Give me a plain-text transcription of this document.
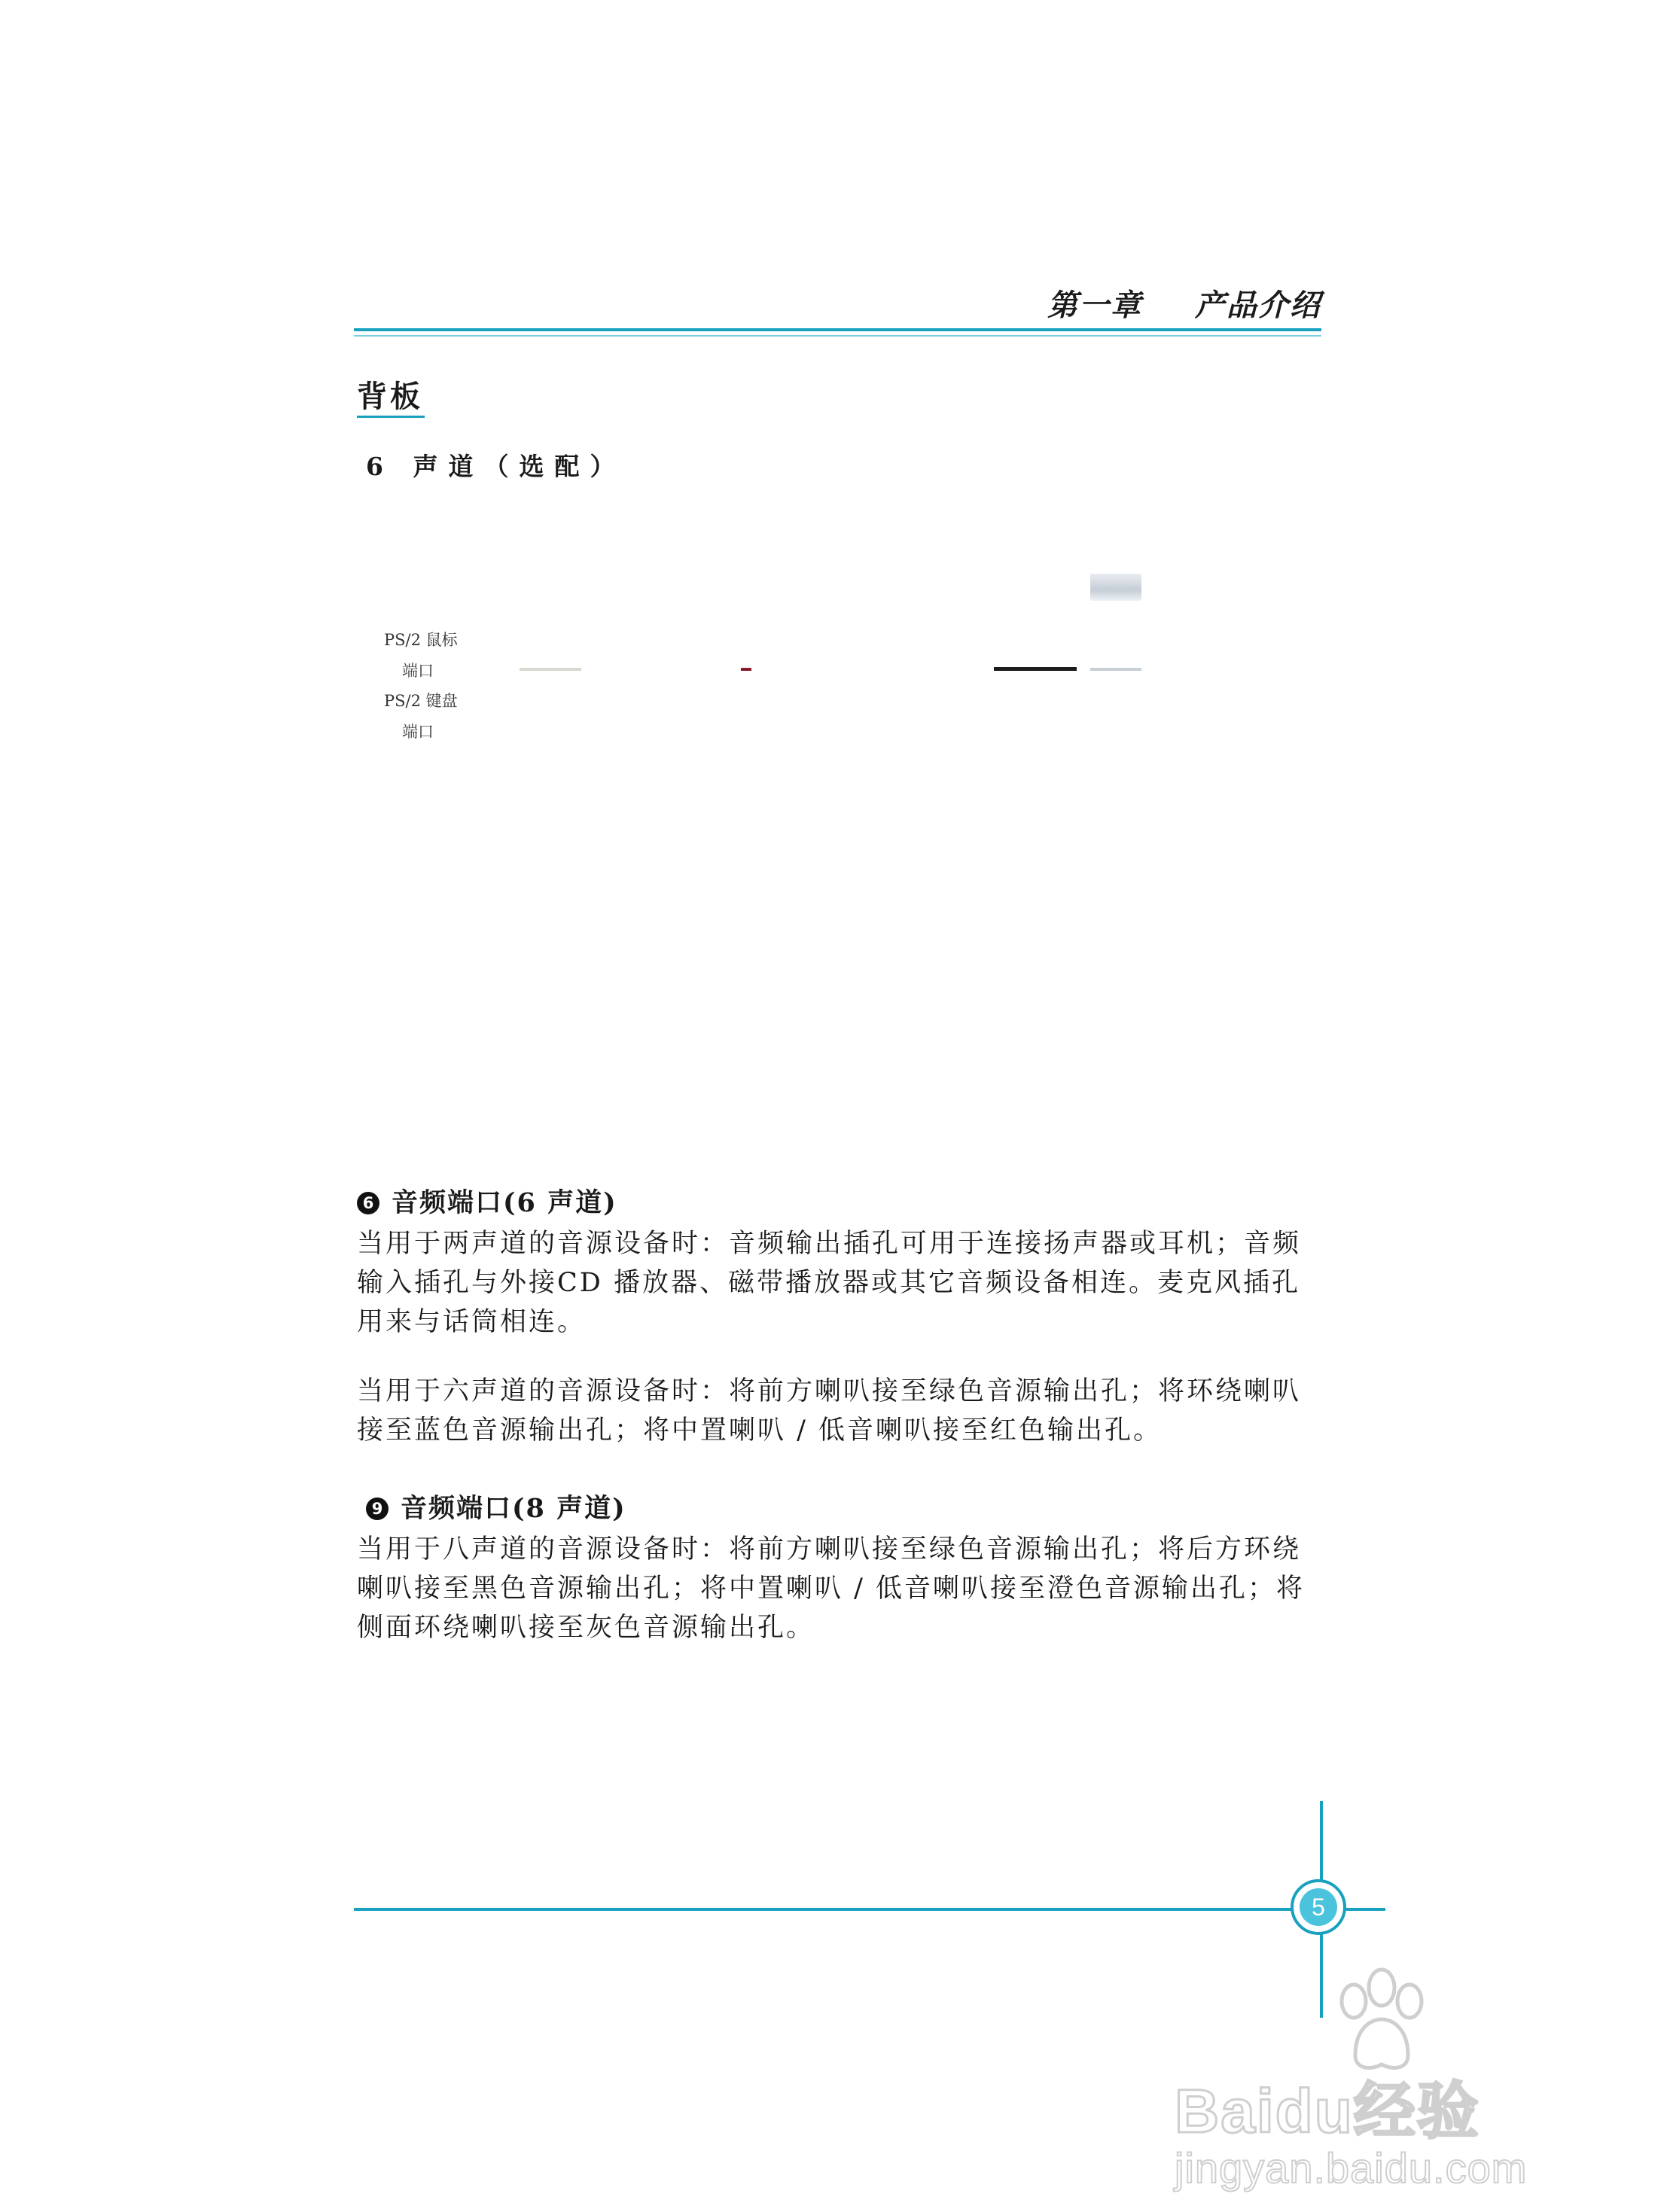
第一章 产品介绍
背板
6 声道（选配）
PS/2 鼠标
端口
PS/2 键盘
端口
6 音频端口(6 声道)
当用于两声道的音源设备时：音频输出插孔可用于连接扬声器或耳机；音频输入插孔与外接CD 播放器、磁带播放器或其它音频设备相连。麦克风插孔用来与话筒相连。
当用于六声道的音源设备时：将前方喇叭接至绿色音源输出孔；将环绕喇叭接至蓝色音源输出孔；将中置喇叭 / 低音喇叭接至红色输出孔。
9 音频端口(8 声道)
当用于八声道的音源设备时：将前方喇叭接至绿色音源输出孔；将后方环绕喇叭接至黑色音源输出孔；将中置喇叭 / 低音喇叭接至澄色音源输出孔；将侧面环绕喇叭接至灰色音源输出孔。
5
Baidu经验
jingyan.baidu.com
